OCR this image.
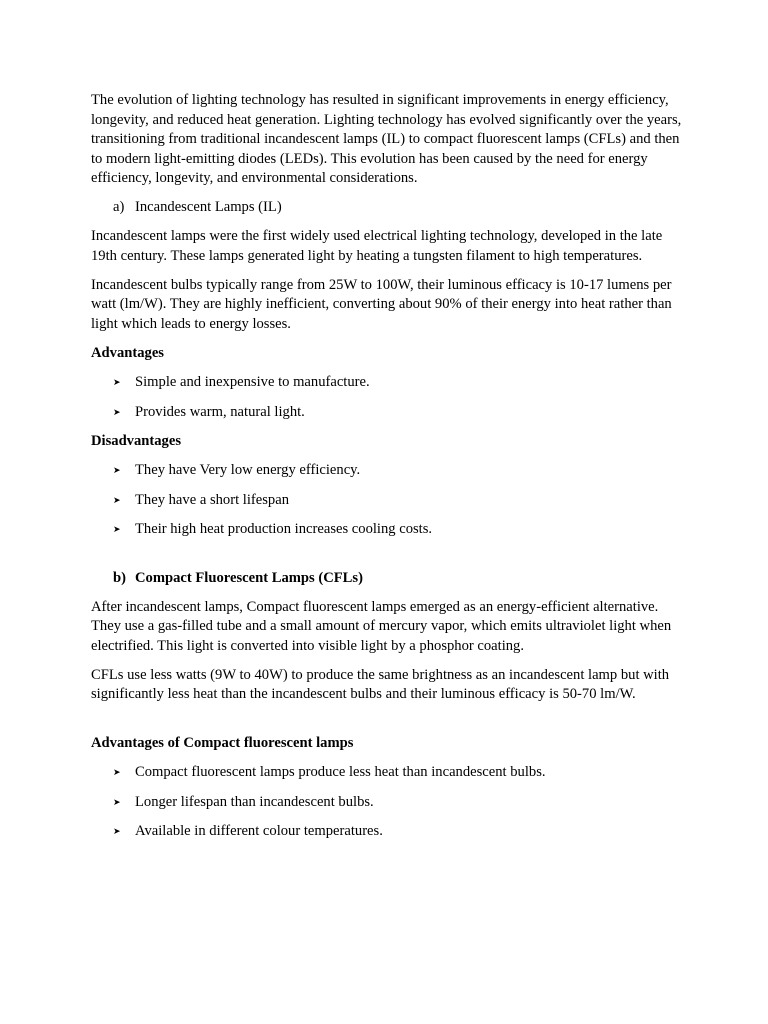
The evolution of lighting technology has resulted in significant improvements in energy efficiency, longevity, and reduced heat generation. Lighting technology has evolved significantly over the years, transitioning from traditional incandescent lamps (IL) to compact fluorescent lamps (CFLs) and then to modern light-emitting diodes (LEDs). This evolution has been caused by the need for energy efficiency, longevity, and environmental considerations.

a) Incandescent Lamps (IL)

Incandescent lamps were the first widely used electrical lighting technology, developed in the late 19th century. These lamps generated light by heating a tungsten filament to high temperatures.

Incandescent bulbs typically range from 25W to 100W, their luminous efficacy is 10-17 lumens per watt (lm/W). They are highly inefficient, converting about 90% of their energy into heat rather than light which leads to energy losses.

Advantages

➤ Simple and inexpensive to manufacture.
➤ Provides warm, natural light.

Disadvantages

➤ They have Very low energy efficiency.
➤ They have a short lifespan
➤ Their high heat production increases cooling costs.
b) Compact Fluorescent Lamps (CFLs)

After incandescent lamps, Compact fluorescent lamps emerged as an energy-efficient alternative. They use a gas-filled tube and a small amount of mercury vapor, which emits ultraviolet light when electrified. This light is converted into visible light by a phosphor coating.

CFLs use less watts (9W to 40W) to produce the same brightness as an incandescent lamp but with significantly less heat than the incandescent bulbs and their luminous efficacy is 50-70 lm/W.

Advantages of Compact fluorescent lamps

➤ Compact fluorescent lamps produce less heat than incandescent bulbs.
➤ Longer lifespan than incandescent bulbs.
➤ Available in different colour temperatures.
